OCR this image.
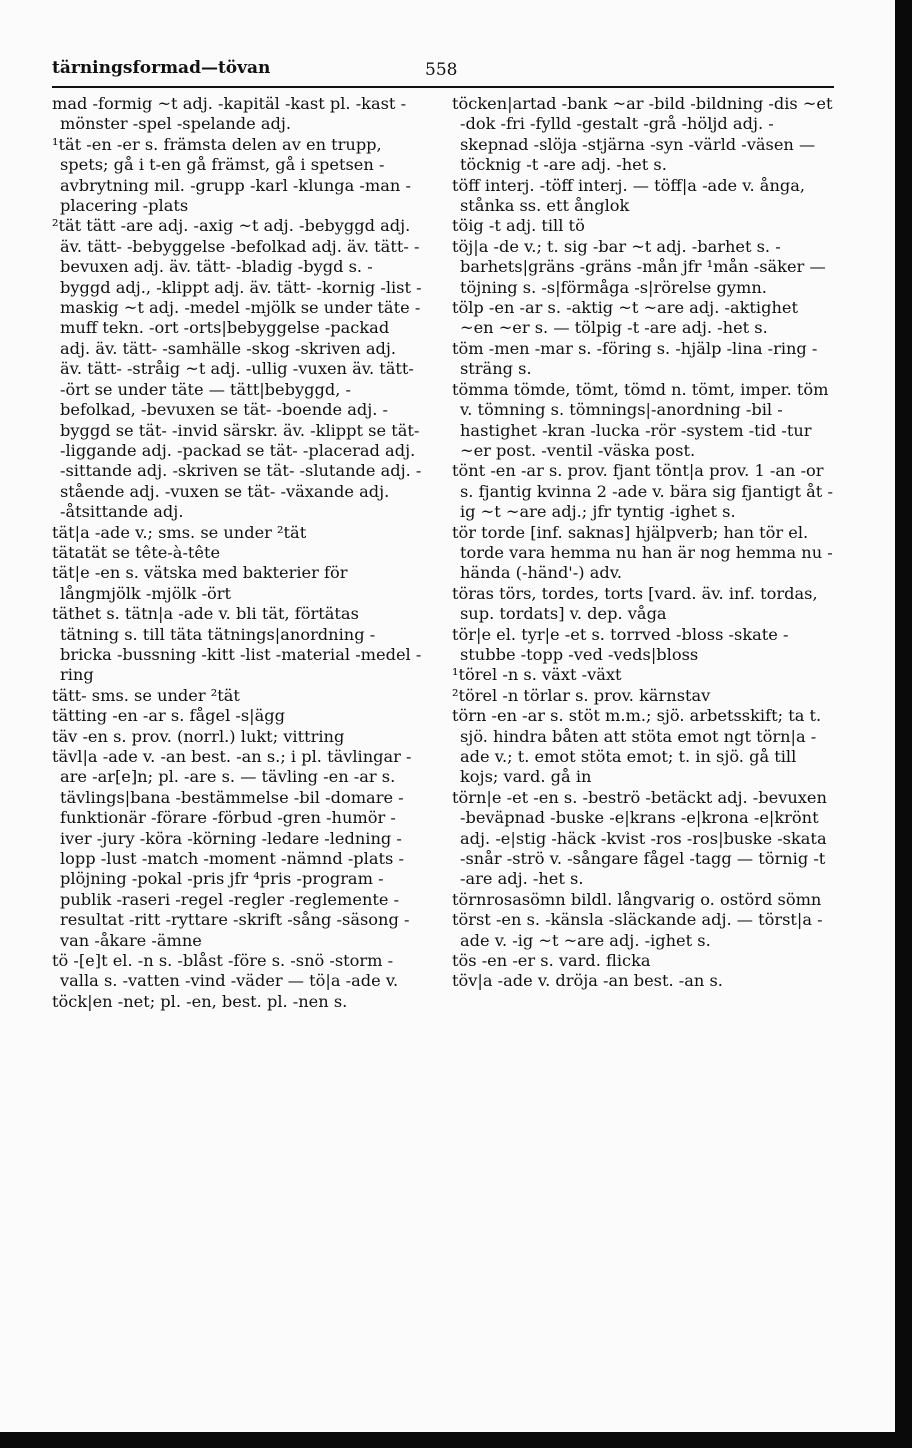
tärningsformad—tövan	558

mad -formig ~t adj. -kapitäl -kast pl. -kast -mönster -spel -spelande adj.

¹tät -en -er s. främsta delen av en trupp, spets; gå i t-en gå främst, gå i spetsen -avbrytning mil. -grupp -karl -klunga -man -placering -plats

²tät tätt -are adj. -axig ~t adj. -bebyggd adj. äv. tätt- -bebyggelse -befolkad adj. äv. tätt- -bevuxen adj. äv. tätt- -bladig -bygd s. -byggd adj., -klippt adj. äv. tätt- -kornig -list -maskig ~t adj. -medel -mjölk se under täte -muff tekn. -ort -orts|bebyggelse -packad adj. äv. tätt- -samhälle -skog -skriven adj. äv. tätt- -stråig ~t adj. -ullig -vuxen äv. tätt- -ört se under täte — tätt|bebyggd, -befolkad, -bevuxen se tät- -boende adj. -byggd se tät- -invid särskr. äv. -klippt se tät- -liggande adj. -packad se tät- -placerad adj. -sittande adj. -skriven se tät- -slutande adj. -stående adj. -vuxen se tät- -växande adj. -åtsittande adj.

tät|a -ade v.; sms. se under ²tät

tätatät se tête-à-tête

tät|e -en s. vätska med bakterier för långmjölk -mjölk -ört

täthet s. tätn|a -ade v. bli tät, förtätas tätning s. till täta tätnings|anordning -bricka -bussning -kitt -list -material -medel -ring

tätt- sms. se under ²tät

tätting -en -ar s. fågel -s|ägg

täv -en s. prov. (norrl.) lukt; vittring

tävl|a -ade v. -an best. -an s.; i pl. tävlingar -are -ar[e]n; pl. -are s. — tävling -en -ar s. tävlings|bana -bestämmelse -bil -domare -funktionär -förare -förbud -gren -humör -iver -jury -köra -körning -ledare -ledning -lopp -lust -match -moment -nämnd -plats -plöjning -pokal -pris jfr ⁴pris -program -publik -raseri -regel -regler -reglemente -resultat -ritt -ryttare -skrift -sång -säsong -van -åkare -ämne

tö -[e]t el. -n s. -blåst -före s. -snö -storm -valla s. -vatten -vind -väder — tö|a -ade v.

töck|en -net; pl. -en, best. pl. -nen s.

töcken|artad -bank ~ar -bild -bildning -dis ~et -dok -fri -fylld -gestalt -grå -höljd adj. -skepnad -slöja -stjärna -syn -värld -väsen — töcknig -t -are adj. -het s.

töff interj. -töff interj. — töff|a -ade v. ånga, stånka ss. ett ånglok

töig -t adj. till tö

töj|a -de v.; t. sig -bar ~t adj. -barhet s. -barhets|gräns -gräns -mån jfr ¹mån -säker — töjning s. -s|förmåga -s|rörelse gymn.

tölp -en -ar s. -aktig ~t ~are adj. -aktighet ~en ~er s. — tölpig -t -are adj. -het s.

töm -men -mar s. -föring s. -hjälp -lina -ring -sträng s.

tömma tömde, tömt, tömd n. tömt, imper. töm v. tömning s. tömnings|-anordning -bil -hastighet -kran -lucka -rör -system -tid -tur ~er post. -ventil -väska post.

tönt -en -ar s. prov. fjant tönt|a prov. 1 -an -or s. fjantig kvinna 2 -ade v. bära sig fjantigt åt -ig ~t ~are adj.; jfr tyntig -ighet s.

tör torde [inf. saknas] hjälpverb; han tör el. torde vara hemma nu han är nog hemma nu -hända (-händ'-) adv.

töras törs, tordes, torts [vard. äv. inf. tordas, sup. tordats] v. dep. våga

tör|e el. tyr|e -et s. torrved -bloss -skate -stubbe -topp -ved -veds|bloss

¹törel -n s. växt -växt

²törel -n törlar s. prov. kärnstav

törn -en -ar s. stöt m.m.; sjö. arbetsskift; ta t. sjö. hindra båten att stöta emot ngt törn|a -ade v.; t. emot stöta emot; t. in sjö. gå till kojs; vard. gå in

törn|e -et -en s. -beströ -betäckt adj. -bevuxen -beväpnad -buske -e|krans -e|krona -e|krönt adj. -e|stig -häck -kvist -ros -ros|buske -skata -snår -strö v. -sångare fågel -tagg — törnig -t -are adj. -het s.

törnrosasömn bildl. långvarig o. ostörd sömn

törst -en s. -känsla -släckande adj. — törst|a -ade v. -ig ~t ~are adj. -ighet s.

tös -en -er s. vard. flicka

töv|a -ade v. dröja -an best. -an s.
